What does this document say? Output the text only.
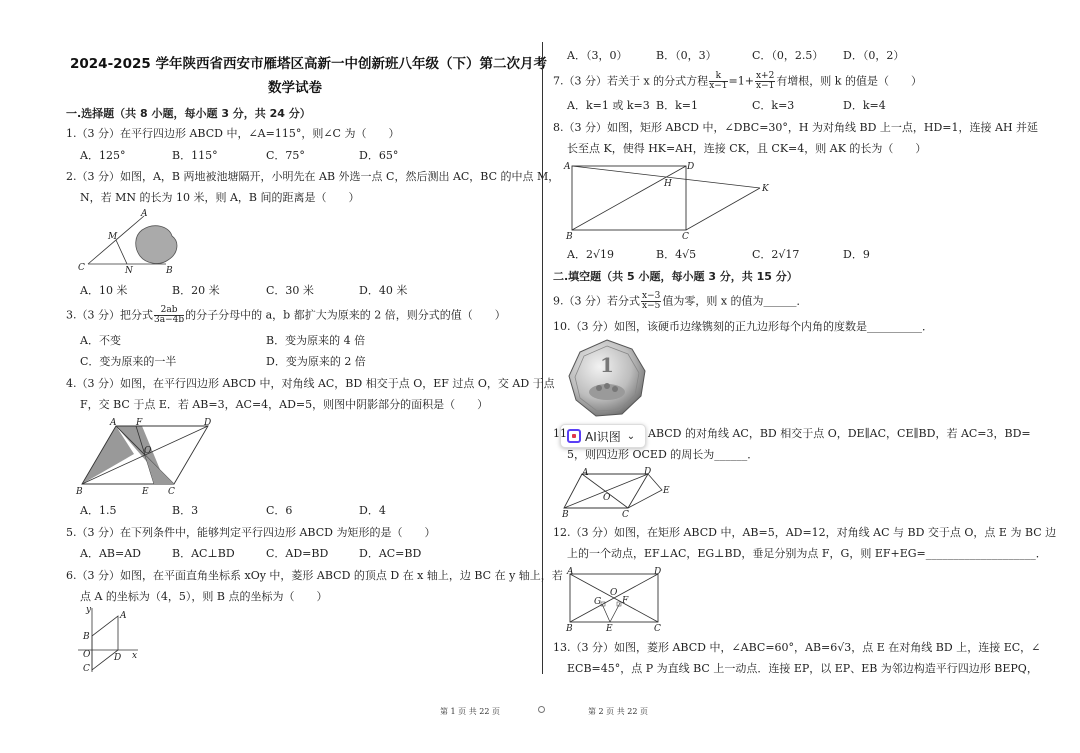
2024-2025 学年陕西省西安市雁塔区高新一中创新班八年级（下）第二次月考
数学试卷
一.选择题（共 8 小题，每小题 3 分，共 24 分）
1.（3 分）在平行四边形 ABCD 中，∠A=115°，则∠C 为（　　）
A．125°	B．115°	C．75°	D．65°
2.（3 分）如图，A，B 两地被池塘隔开，小明先在 AB 外选一点 C，然后测出 AC，BC 的中点 M，
N，若 MN 的长为 10 米，则 A，B 间的距离是（　　）
A
M
C	N	B
A．10 米	B．20 米	C．30 米	D．40 米
3.（3 分）把分式 $\frac{2ab}{3a-4b}$ 的分子分母中的 a，b 都扩大为原来的 2 倍，则分式的值（　　）
A．不变	B．变为原来的 4 倍
C．变为原来的一半	D．变为原来的 2 倍
4.（3 分）如图，在平行四边形 ABCD 中，对角线 AC，BD 相交于点 O，EF 过点 O，交 AD 于点
F，交 BC 于点 E．若 AB=3，AC=4，AD=5，则图中阴影部分的面积是（　　）
A F	D
O
B	E C
A．1.5	B．3	C．6	D．4
5.（3 分）在下列条件中，能够判定平行四边形 ABCD 为矩形的是（　　）
A．AB=AD	B．AC⊥BD	C．AD=BD	D．AC=BD
6.（3 分）如图，在平面直角坐标系 xOy 中，菱形 ABCD 的顶点 D 在 x 轴上，边 BC 在 y 轴上，若
点 A 的坐标为（4，5），则 B 点的坐标为（　　）
y
A
B
O	D x
C
A．（3，0）	B．（0，3）	C．（0，2.5） D．（0，2）
7.（3 分）若关于 x 的分式方程 $\frac{k}{x-1} =1+ \frac{x+2}{x-1}$ 有增根，则 k 的值是（　　）
A．k=1 或 k=3 B．k=1	C．k=3	D．k=4
8.（3 分）如图，矩形 ABCD 中，∠DBC=30°，H 为对角线 BD 上一点，HD=1，连接 AH 并延
长至点 K，使得 HK=AH，连接 CK，且 CK=4，则 AK 的长为（　　）
A	D
H	K
B	C
A．2√19	B．4√5	C．2√17	D．9
二.填空题（共 5 小题，每小题 3 分，共 15 分）
9.（3 分）若分式 $\frac{x-3}{x-5}$ 值为零，则 x 的值为______．
10.（3 分）如图，该硬币边缘镌刻的正九边形每个内角的度数是__________．
1
AI识图 ⌄
11	ABCD 的对角线 AC，BD 相交于点 O，DE∥AC，CE∥BD，若 AC=3，BD=
5，则四边形 OCED 的周长为______．
A	D
O
E
B	C
12.（3 分）如图，在矩形 ABCD 中，AB=5，AD=12，对角线 AC 与 BD 交于点 O，点 E 为 BC 边
上的一个动点，EF⊥AC，EG⊥BD，垂足分别为点 F，G，则 EF+EG=____________________．
A	D
G
O
F
B	E	C
13.（3 分）如图，菱形 ABCD 中，∠ABC=60°，AB=6√3，点 E 在对角线 BD 上，连接 EC，∠
ECB=45°，点 P 为直线 BC 上一动点．连接 EP，以 EP、EB 为邻边构造平行四边形 BEPQ，
第 1 页 共 22 页	第 2 页 共 22 页
